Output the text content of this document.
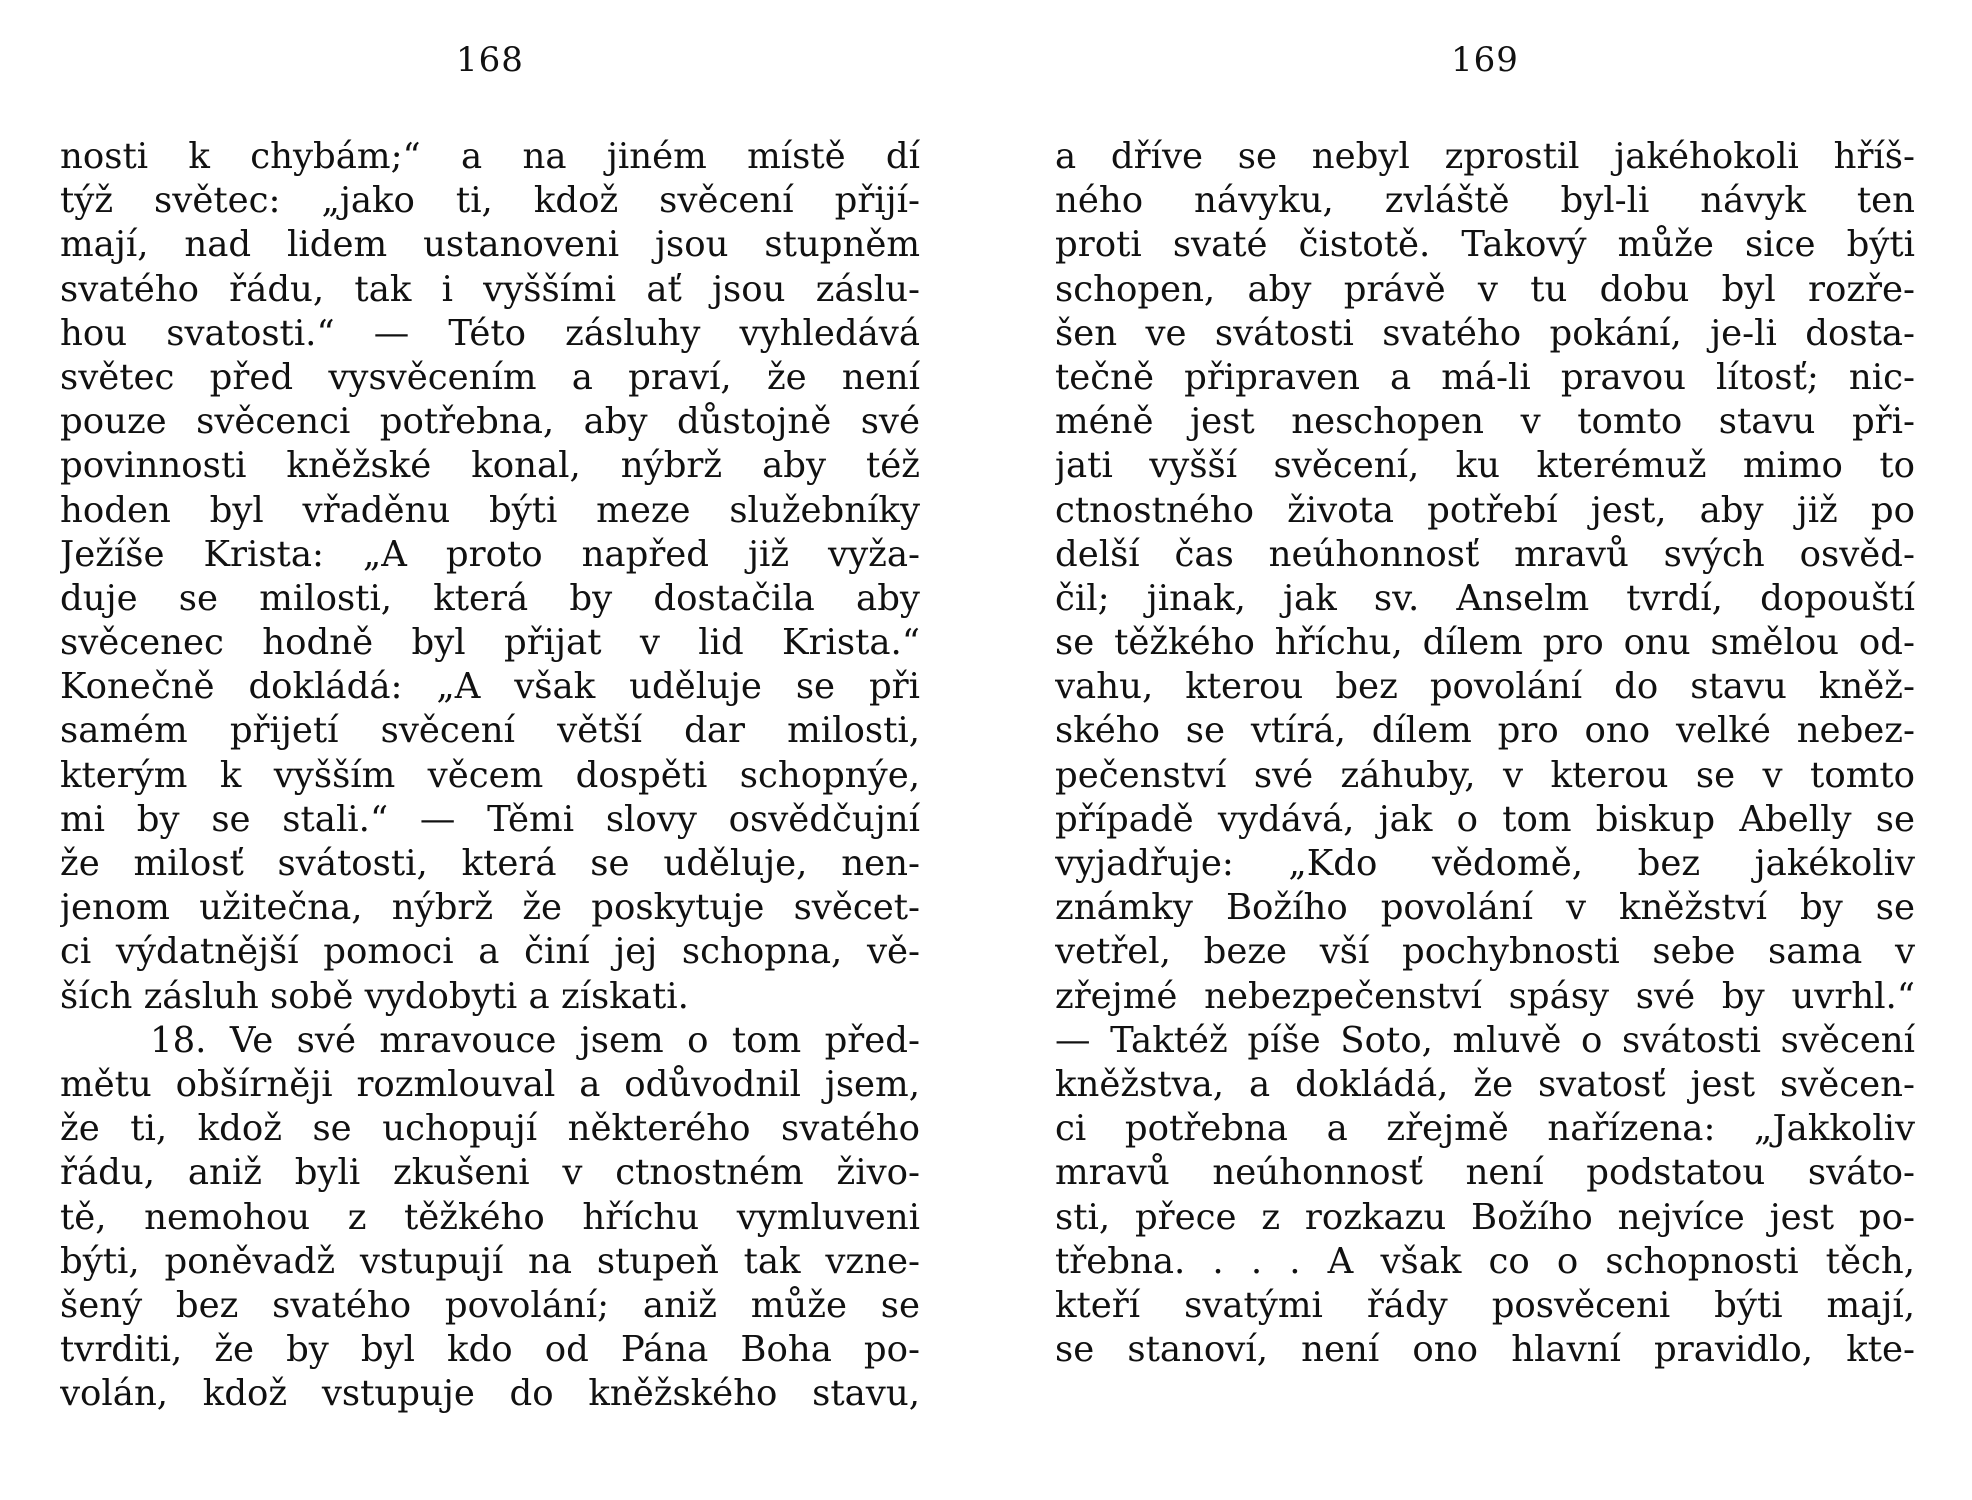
168
nosti k chybám;“ a na jiném místě dí
týž světec: „jako ti, kdož svěcení přijí-
mají, nad lidem ustanoveni jsou stupněm
svatého řádu, tak i vyššími ať jsou záslu-
hou svatosti.“ — Této zásluhy vyhledává
světec před vysvěcením a praví, že není
pouze svěcenci potřebna, aby důstojně své
povinnosti kněžské konal, nýbrž aby též
hoden byl vřaděnu býti meze služebníky
Ježíše Krista: „A proto napřed již vyža-
duje se milosti, která by dostačila aby
svěcenec hodně byl přijat v lid Krista.“
Konečně dokládá: „A však uděluje se při
samém přijetí svěcení větší dar milosti,
kterým k vyšším věcem dospěti schopnýe,
mi by se stali.“ — Těmi slovy osvědčujní
že milosť svátosti, která se uděluje, nen-
jenom užitečna, nýbrž že poskytuje svěcet-
ci výdatnější pomoci a činí jej schopna, vě-
ších zásluh sobě vydobyti a získati.
18. Ve své mravouce jsem o tom před-
mětu obšírněji rozmlouval a odůvodnil jsem,
že ti, kdož se uchopují některého svatého
řádu, aniž byli zkušeni v ctnostném živo-
tě, nemohou z těžkého hříchu vymluveni
býti, poněvadž vstupují na stupeň tak vzne-
šený bez svatého povolání; aniž může se
tvrditi, že by byl kdo od Pána Boha po-
volán, kdož vstupuje do kněžského stavu,
169
a dříve se nebyl zprostil jakéhokoli hříš-
ného návyku, zvláště byl-li návyk ten
proti svaté čistotě. Takový může sice býti
schopen, aby právě v tu dobu byl rozře-
šen ve svátosti svatého pokání, je-li dosta-
tečně připraven a má-li pravou lítosť; nic-
méně jest neschopen v tomto stavu při-
jati vyšší svěcení, ku kterémuž mimo to
ctnostného života potřebí jest, aby již po
delší čas neúhonnosť mravů svých osvěd-
čil; jinak, jak sv. Anselm tvrdí, dopouští
se těžkého hříchu, dílem pro onu smělou od-
vahu, kterou bez povolání do stavu kněž-
ského se vtírá, dílem pro ono velké nebez-
pečenství své záhuby, v kterou se v tomto
případě vydává, jak o tom biskup Abelly se
vyjadřuje: „Kdo vědomě, bez jakékoliv
známky Božího povolání v kněžství by se
vetřel, beze vší pochybnosti sebe sama v
zřejmé nebezpečenství spásy své by uvrhl.“
— Taktéž píše Soto, mluvě o svátosti svěcení
kněžstva, a dokládá, že svatosť jest svěcen-
ci potřebna a zřejmě nařízena: „Jakkoliv
mravů neúhonnosť není podstatou sváto-
sti, přece z rozkazu Božího nejvíce jest po-
třebna. . . . A však co o schopnosti těch,
kteří svatými řády posvěceni býti mají,
se stanoví, není ono hlavní pravidlo, kte-
